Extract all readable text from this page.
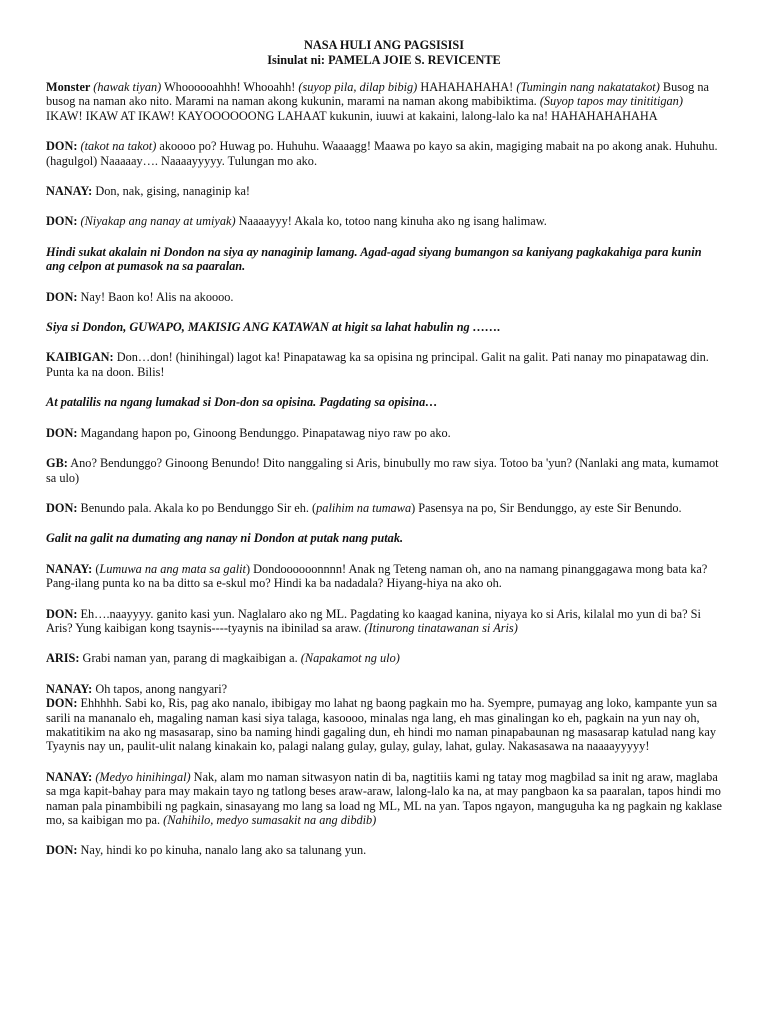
NASA HULI ANG PAGSISISI

Isinulat ni: PAMELA JOIE S. REVICENTE

Monster (hawak tiyan) Whoooooahhh! Whooahh! (suyop pila, dilap bibig) HAHAHAHAHA! (Tumingin nang nakatatakot) Busog na busog na naman ako nito. Marami na naman akong kukunin, marami na naman akong mabibiktima. (Suyop tapos may tinititigan) IKAW! IKAW AT IKAW! KAYOOOOOONG LAHAAT kukunin, iuuwi at kakaini, lalong-lalo ka na! HAHAHAHAHAHA

DON: (takot na takot) akoooo po? Huwag po. Huhuhu. Waaaagg! Maawa po kayo sa akin, magiging mabait na po akong anak. Huhuhu. (hagulgol) Naaaaay…. Naaaayyyyy. Tulungan mo ako.

NANAY: Don, nak, gising, nanaginip ka!

DON: (Niyakap ang nanay at umiyak) Naaaayyy! Akala ko, totoo nang kinuha ako ng isang halimaw.

Hindi sukat akalain ni Dondon na siya ay nanaginip lamang. Agad-agad siyang bumangon sa kaniyang pagkakahiga para kunin ang celpon at pumasok na sa paaralan.

DON: Nay! Baon ko! Alis na akoooo.

Siya si Dondon, GUWAPO, MAKISIG ANG KATAWAN at higit sa lahat habulin ng …….

KAIBIGAN: Don…don! (hinihingal) lagot ka! Pinapatawag ka sa opisina ng principal. Galit na galit. Pati nanay mo pinapatawag din. Punta ka na doon. Bilis!

At patalilis na ngang lumakad si Don-don sa opisina. Pagdating sa opisina…

DON: Magandang hapon po, Ginoong Bendunggo. Pinapatawag niyo raw po ako.

GB: Ano? Bendunggo? Ginoong Benundo! Dito nanggaling si Aris, binubully mo raw siya. Totoo ba 'yun? (Nanlaki ang mata, kumamot sa ulo)

DON: Benundo pala. Akala ko po Bendunggo Sir eh. (palihim na tumawa) Pasensya na po, Sir Bendunggo, ay este Sir Benundo.

Galit na galit na dumating ang nanay ni Dondon at putak nang putak.

NANAY: (Lumuwa na ang mata sa galit) Dondoooooonnnn! Anak ng Teteng naman oh, ano na namang pinanggagawa mong bata ka? Pang-ilang punta ko na ba ditto sa e-skul mo? Hindi ka ba nadadala? Hiyang-hiya na ako oh.

DON: Eh….naayyyy. ganito kasi yun. Naglalaro ako ng ML. Pagdating ko kaagad kanina, niyaya ko si Aris, kilalal mo yun di ba? Si Aris? Yung kaibigan kong tsaynis----tyaynis na ibinilad sa araw. (Itinurong tinatawanan si Aris)

ARIS: Grabi naman yan, parang di magkaibigan a. (Napakamot ng ulo)

NANAY: Oh tapos, anong nangyari?

DON: Ehhhhh. Sabi ko, Ris, pag ako nanalo, ibibigay mo lahat ng baong pagkain mo ha. Syempre, pumayag ang loko, kampante yun sa sarili na mananalo eh, magaling naman kasi siya talaga, kasoooo, minalas nga lang, eh mas ginalingan ko eh, pagkain na yun nay oh, makatitikim na ako ng masasarap, sino ba naming hindi gagaling dun, eh hindi mo naman pinapabaunan ng masasarap katulad nang kay Tyaynis nay un, paulit-ulit nalang kinakain ko, palagi nalang gulay, gulay, gulay, lahat, gulay. Nakasasawa na naaaayyyyy!

NANAY: (Medyo hinihingal) Nak, alam mo naman sitwasyon natin di ba, nagtitiis kami ng tatay mog magbilad sa init ng araw, maglaba sa mga kapit-bahay para may makain tayo ng tatlong beses araw-araw, lalong-lalo ka na, at may pangbaon ka sa paaralan, tapos hindi mo naman pala pinambibili ng pagkain, sinasayang mo lang sa load ng ML, ML na yan. Tapos ngayon, manguguha ka ng pagkain ng kaklase mo, sa kaibigan mo pa. (Nahihilo, medyo sumasakit na ang dibdib)

DON: Nay, hindi ko po kinuha, nanalo lang ako sa talunang yun.
